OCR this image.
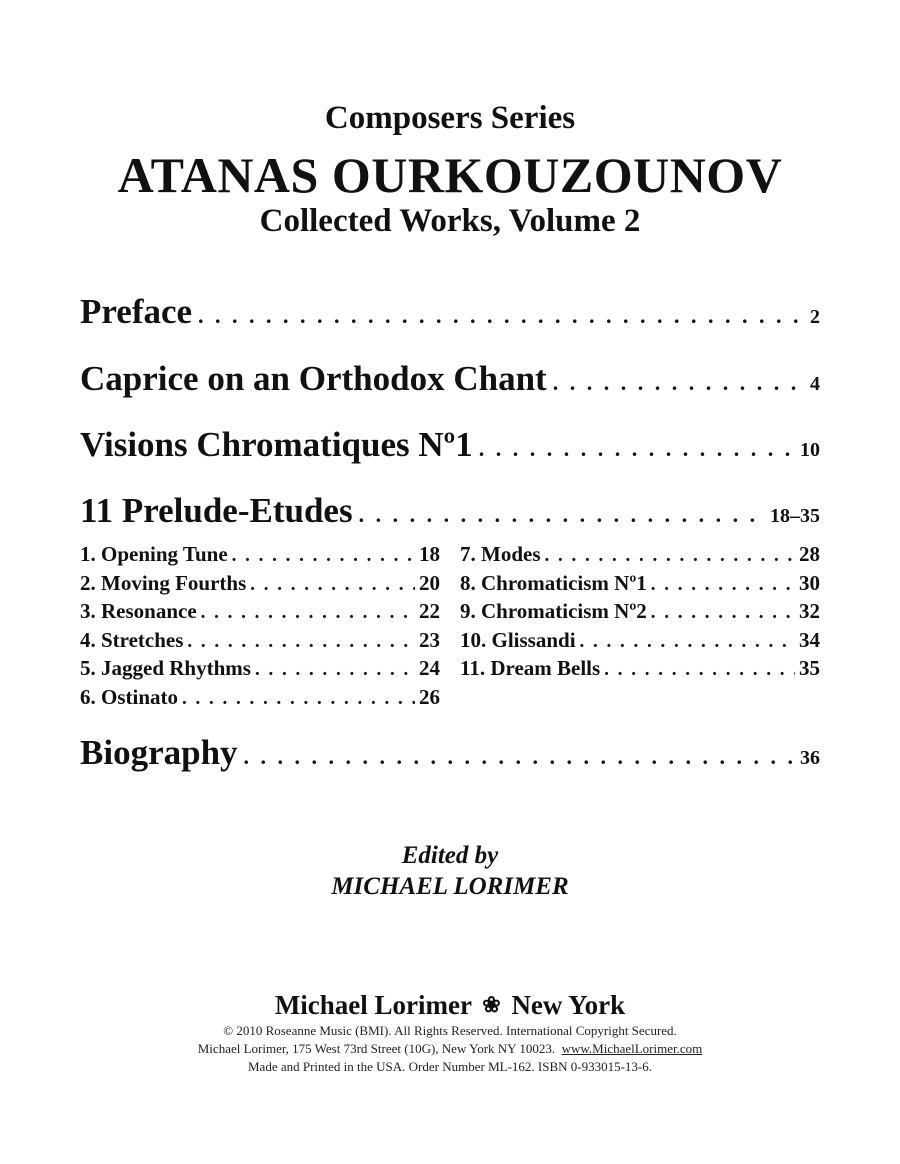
Composers Series
ATANAS OURKOUZOUNOV
Collected Works, Volume 2
Preface . . .	2
Caprice on an Orthodox Chant . . .	4
Visions Chromatiques Nº1 . . .	10
11 Prelude-Etudes . . .	18–35
1. Opening Tune . . .	18
2. Moving Fourths . . .	20
3. Resonance . . .	22
4. Stretches . . .	23
5. Jagged Rhythms . . .	24
6. Ostinato . . .	26
7. Modes . . .	28
8. Chromaticism Nº1 . . .	30
9. Chromaticism Nº2 . . .	32
10. Glissandi . . .	34
11. Dream Bells . . .	35
Biography . . .	36
Edited by
MICHAEL LORIMER
Michael Lorimer ❀ New York
© 2010 Roseanne Music (BMI). All Rights Reserved. International Copyright Secured.
Michael Lorimer, 175 West 73rd Street (10G), New York NY 10023. www.MichaelLorimer.com
Made and Printed in the USA. Order Number ML-162. ISBN 0-933015-13-6.
